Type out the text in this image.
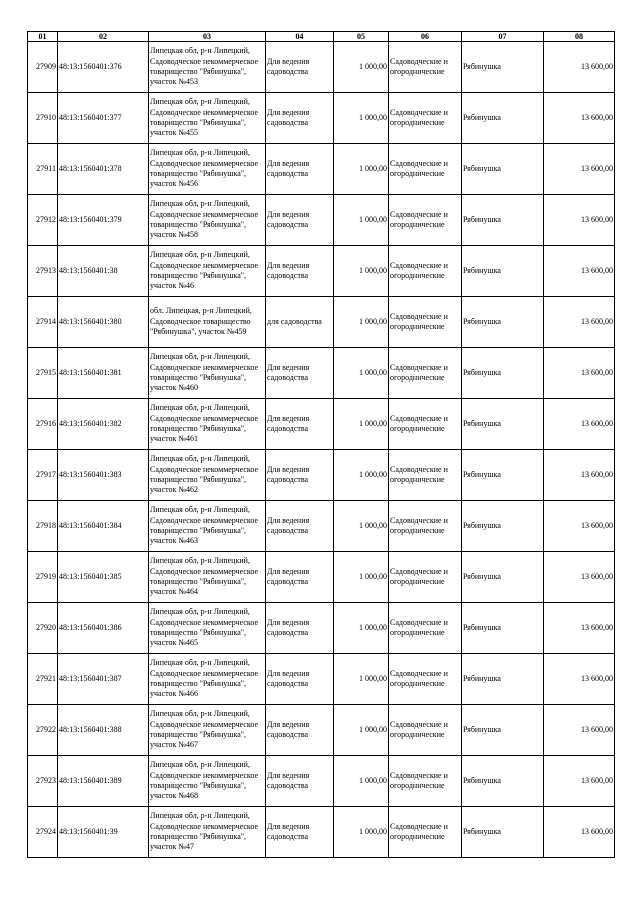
01	02	03	04	05	06	07	08
27909	48:13:1560401:376	Липецкая обл, р-н Липецкий, Садоводческое некоммерческое товарищество "Рябинушка", участок №453	Для ведения садоводства	1 000,00	Садоводческие и огороднические	Рябинушка	13 600,00
27910	48:13:1560401:377	Липецкая обл, р-н Липецкий, Садоводческое некоммерческое товарищество "Рябинушка", участок №455	Для ведения садоводства	1 000,00	Садоводческие и огороднические	Рябинушка	13 600,00
27911	48:13:1560401:378	Липецкая обл, р-н Липецкий, Садоводческое некоммерческое товарищество "Рябинушка", участок №456	Для ведения садоводства	1 000,00	Садоводческие и огороднические	Рябинушка	13 600,00
27912	48:13:1560401:379	Липецкая обл, р-н Липецкий, Садоводческое некоммерческое товарищество "Рябинушка", участок №458	Для ведения садоводства	1 000,00	Садоводческие и огороднические	Рябинушка	13 600,00
27913	48:13:1560401:38	Липецкая обл, р-н Липецкий, Садоводческое некоммерческое товарищество "Рябинушка", участок №46	Для ведения садоводства	1 000,00	Садоводческие и огороднические	Рябинушка	13 600,00
27914	48:13:1560401:380	обл. Липецкая, р-н Липецкий, Садоводческое товарищество "Рябинушка", участок №459	для садоводства	1 000,00	Садоводческие и огороднические	Рябинушка	13 600,00
27915	48:13:1560401:381	Липецкая обл, р-н Липецкий, Садоводческое некоммерческое товарищество "Рябинушка", участок №460	Для ведения садоводства	1 000,00	Садоводческие и огороднические	Рябинушка	13 600,00
27916	48:13:1560401:382	Липецкая обл, р-н Липецкий, Садоводческое некоммерческое товарищество "Рябинушка", участок №461	Для ведения садоводства	1 000,00	Садоводческие и огороднические	Рябинушка	13 600,00
27917	48:13:1560401:383	Липецкая обл, р-н Липецкий, Садоводческое некоммерческое товарищество "Рябинушка", участок №462	Для ведения садоводства	1 000,00	Садоводческие и огороднические	Рябинушка	13 600,00
27918	48:13:1560401:384	Липецкая обл, р-н Липецкий, Садоводческое некоммерческое товарищество "Рябинушка", участок №463	Для ведения садоводства	1 000,00	Садоводческие и огороднические	Рябинушка	13 600,00
27919	48:13:1560401:385	Липецкая обл, р-н Липецкий, Садоводческое некоммерческое товарищество "Рябинушка", участок №464	Для ведения садоводства	1 000,00	Садоводческие и огороднические	Рябинушка	13 600,00
27920	48:13:1560401:386	Липецкая обл, р-н Липецкий, Садоводческое некоммерческое товарищество "Рябинушка", участок №465	Для ведения садоводства	1 000,00	Садоводческие и огороднические	Рябинушка	13 600,00
27921	48:13:1560401:387	Липецкая обл, р-н Липецкий, Садоводческое некоммерческое товарищество "Рябинушка", участок №466	Для ведения садоводства	1 000,00	Садоводческие и огороднические	Рябинушка	13 600,00
27922	48:13:1560401:388	Липецкая обл, р-н Липецкий, Садоводческое некоммерческое товарищество "Рябинушка", участок №467	Для ведения садоводства	1 000,00	Садоводческие и огороднические	Рябинушка	13 600,00
27923	48:13:1560401:389	Липецкая обл, р-н Липецкий, Садоводческое некоммерческое товарищество "Рябинушка", участок №468	Для ведения садоводства	1 000,00	Садоводческие и огороднические	Рябинушка	13 600,00
27924	48:13:1560401:39	Липецкая обл, р-н Липецкий, Садоводческое некоммерческое товарищество "Рябинушка", участок №47	Для ведения садоводства	1 000,00	Садоводческие и огороднические	Рябинушка	13 600,00
